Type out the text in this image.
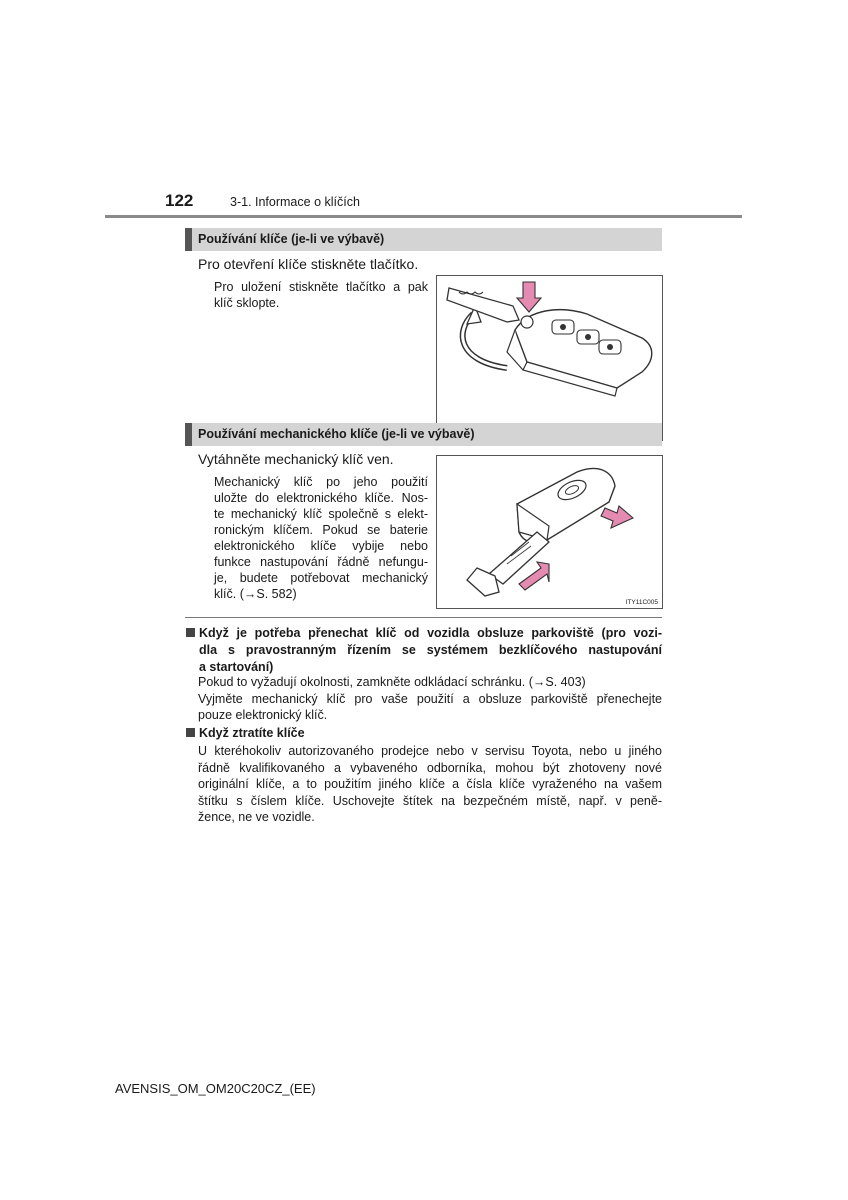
122	3-1. Informace o klíčích
Používání klíče (je-li ve výbavě)
Pro otevření klíče stiskněte tlačítko.
Pro uložení stiskněte tlačítko a pak
klíč sklopte.
Používání mechanického klíče (je-li ve výbavě)
Vytáhněte mechanický klíč ven.
Mechanický klíč po jeho použití
uložte do elektronického klíče. Nos-
te mechanický klíč společně s elekt-
ronickým klíčem. Pokud se baterie
elektronického klíče vybije nebo
funkce nastupování řádně nefungu-
je, budete potřebovat mechanický
klíč. (→S. 582)
ITY11C005
Když je potřeba přenechat klíč od vozidla obsluze parkoviště (pro vozi-
dla s pravostranným řízením se systémem bezklíčového nastupování
a startování)
Pokud to vyžadují okolnosti, zamkněte odkládací schránku. (→S. 403)
Vyjměte mechanický klíč pro vaše použití a obsluze parkoviště přenechejte
pouze elektronický klíč.
Když ztratíte klíče
U kteréhokoliv autorizovaného prodejce nebo v servisu Toyota, nebo u jiného
řádně kvalifikovaného a vybaveného odborníka, mohou být zhotoveny nové
originální klíče, a to použitím jiného klíče a čísla klíče vyraženého na vašem
štítku s číslem klíče. Uschovejte štítek na bezpečném místě, např. v peně-
žence, ne ve vozidle.
AVENSIS_OM_OM20C20CZ_(EE)
